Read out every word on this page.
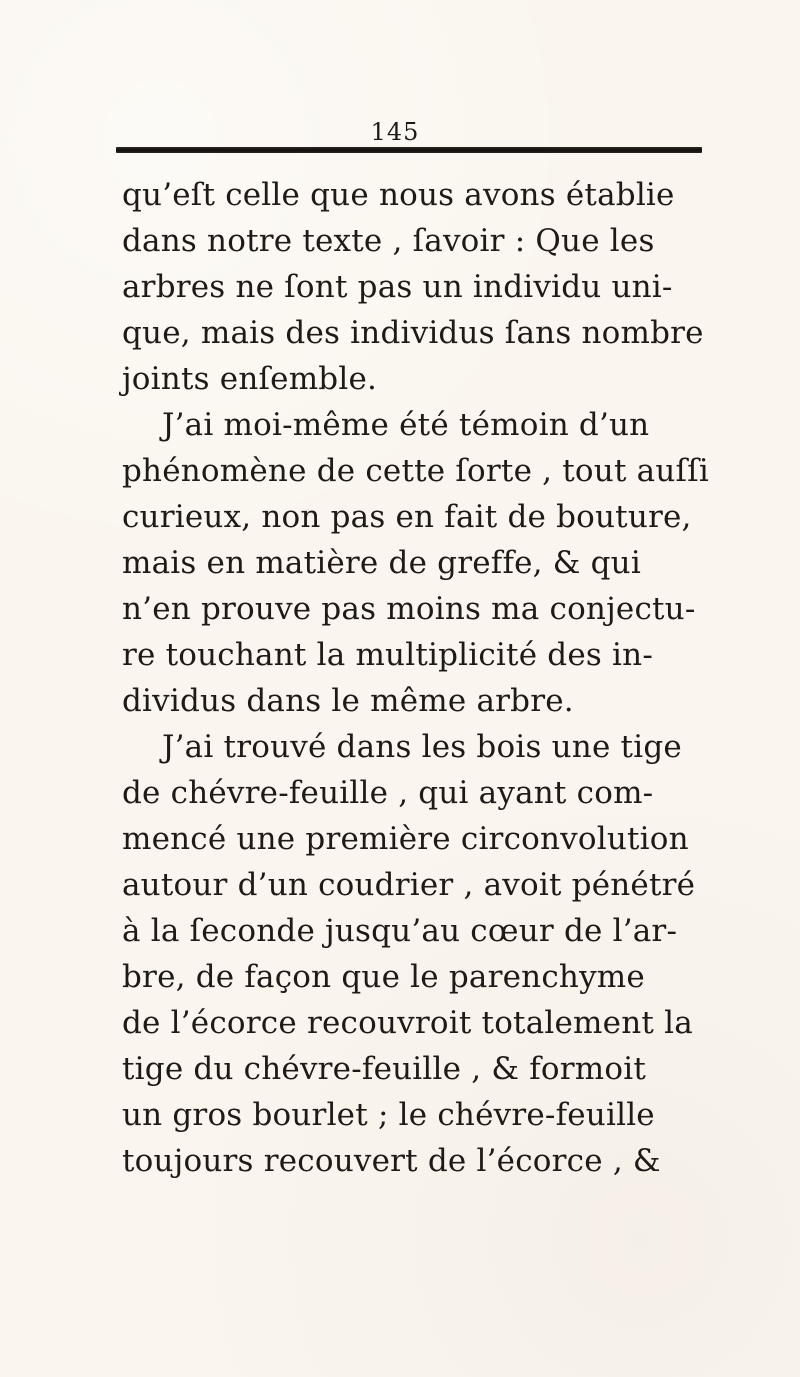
145
qu’eſt celle que nous avons établie
dans notre texte , ſavoir : Que les
arbres ne ſont pas un individu uni-
que, mais des individus ſans nombre
joints enſemble.
J’ai moi-même été témoin d’un
phénomène de cette ſorte , tout auſſi
curieux, non pas en fait de bouture,
mais en matière de greffe, & qui
n’en prouve pas moins ma conjectu-
re touchant la multiplicité des in-
dividus dans le même arbre.
J’ai trouvé dans les bois une tige
de chévre-feuille , qui ayant com-
mencé une première circonvolution
autour d’un coudrier , avoit pénétré
à la ſeconde jusqu’au cœur de l’ar-
bre, de façon que le parenchyme
de l’écorce recouvroit totalement la
tige du chévre-feuille , & formoit
un gros bourlet ; le chévre-feuille
toujours recouvert de l’écorce , &
